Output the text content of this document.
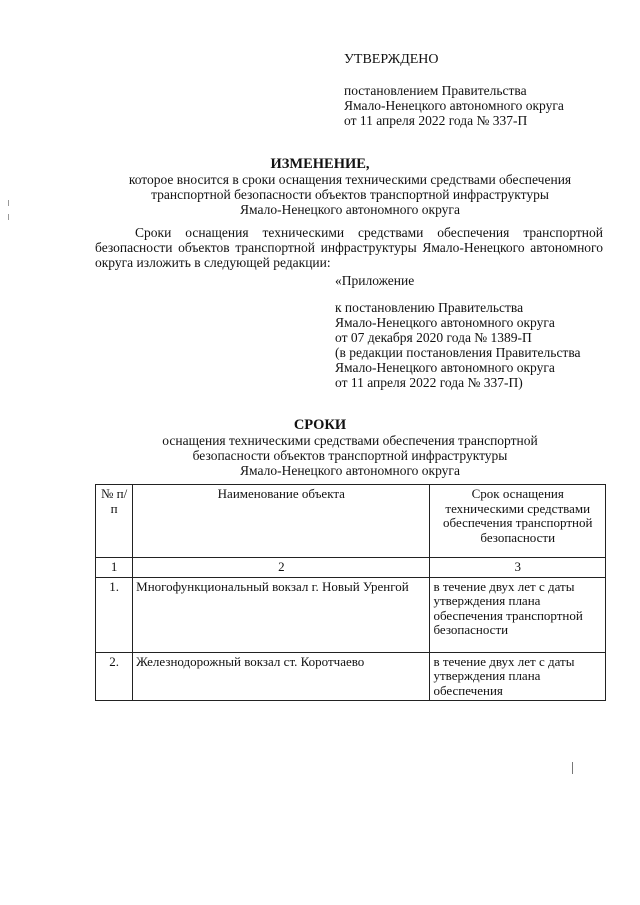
УТВЕРЖДЕНО
постановлением Правительства
Ямало-Ненецкого автономного округа
от 11 апреля 2022 года № 337-П
ИЗМЕНЕНИЕ,
которое вносится в сроки оснащения техническими средствами обеспечения
транспортной безопасности объектов транспортной инфраструктуры
Ямало-Ненецкого автономного округа
Сроки оснащения техническими средствами обеспечения транспортной безопасности объектов транспортной инфраструктуры Ямало-Ненецкого автономного округа изложить в следующей редакции:
«Приложение
к постановлению Правительства
Ямало-Ненецкого автономного округа
от 07 декабря 2020 года № 1389-П
(в редакции постановления Правительства
Ямало-Ненецкого автономного округа
от 11 апреля 2022 года № 337-П)
СРОКИ
оснащения техническими средствами обеспечения транспортной
безопасности объектов транспортной инфраструктуры
Ямало-Ненецкого автономного округа
№ п/п	Наименование объекта	Срок оснащения техническими средствами обеспечения транспортной безопасности
1	2	3
1.	Многофункциональный вокзал г. Новый Уренгой	в течение двух лет с даты утверждения плана обеспечения транспортной безопасности
2.	Железнодорожный вокзал ст. Коротчаево	в течение двух лет с даты утверждения плана обеспечения
